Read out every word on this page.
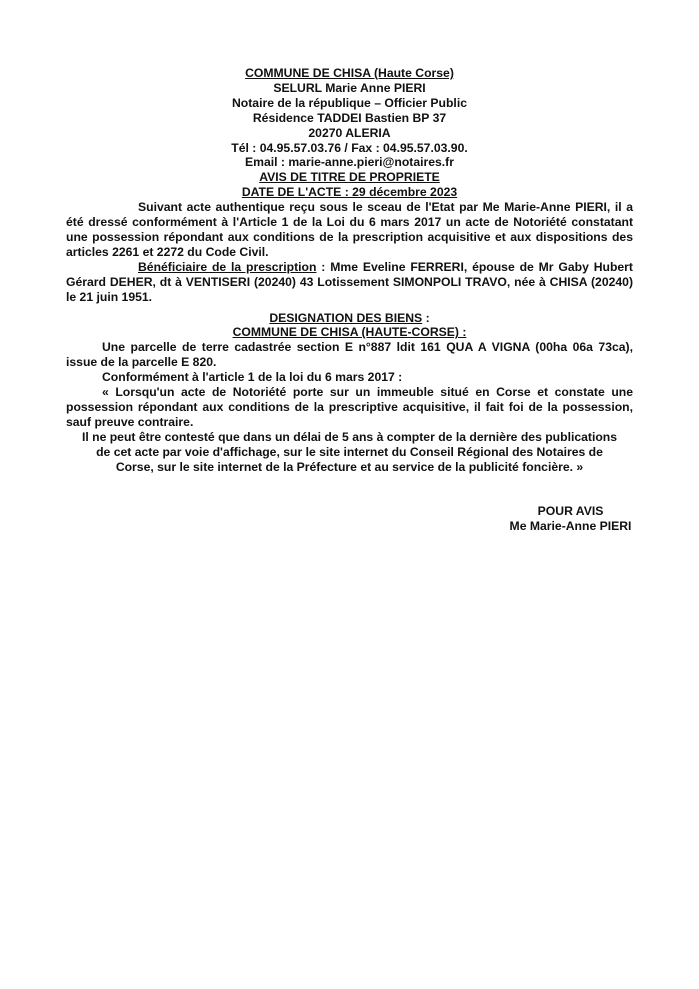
COMMUNE DE CHISA (Haute Corse)

SELURL Marie Anne PIERI

Notaire de la république – Officier Public

Résidence TADDEI Bastien BP 37

20270 ALERIA

Tél : 04.95.57.03.76 / Fax : 04.95.57.03.90.

Email : marie-anne.pieri@notaires.fr

AVIS DE TITRE DE PROPRIETE

DATE DE L'ACTE : 29 décembre 2023

Suivant acte authentique reçu sous le sceau de l'Etat par Me Marie-Anne PIERI, il a été dressé conformément à l'Article 1 de la Loi du 6 mars 2017 un acte de Notoriété constatant une possession répondant aux conditions de la prescription acquisitive et aux dispositions des articles 2261 et 2272 du Code Civil.

Bénéficiaire de la prescription : Mme Eveline FERRERI, épouse de Mr Gaby Hubert Gérard DEHER, dt à VENTISERI (20240) 43 Lotissement SIMONPOLI TRAVO, née à CHISA (20240) le 21 juin 1951.

DESIGNATION DES BIENS :

COMMUNE DE CHISA (HAUTE-CORSE) :

Une parcelle de terre cadastrée section E n°887 ldit 161 QUA A VIGNA (00ha 06a 73ca), issue de la parcelle E 820.

Conformément à l'article 1 de la loi du 6 mars 2017 :

« Lorsqu'un acte de Notoriété porte sur un immeuble situé en Corse et constate une possession répondant aux conditions de la prescriptive acquisitive, il fait foi de la possession, sauf preuve contraire.

Il ne peut être contesté que dans un délai de 5 ans à compter de la dernière des publications de cet acte par voie d'affichage, sur le site internet du Conseil Régional des Notaires de Corse, sur le site internet de la Préfecture et au service de la publicité foncière. »

POUR AVIS

Me Marie-Anne PIERI
